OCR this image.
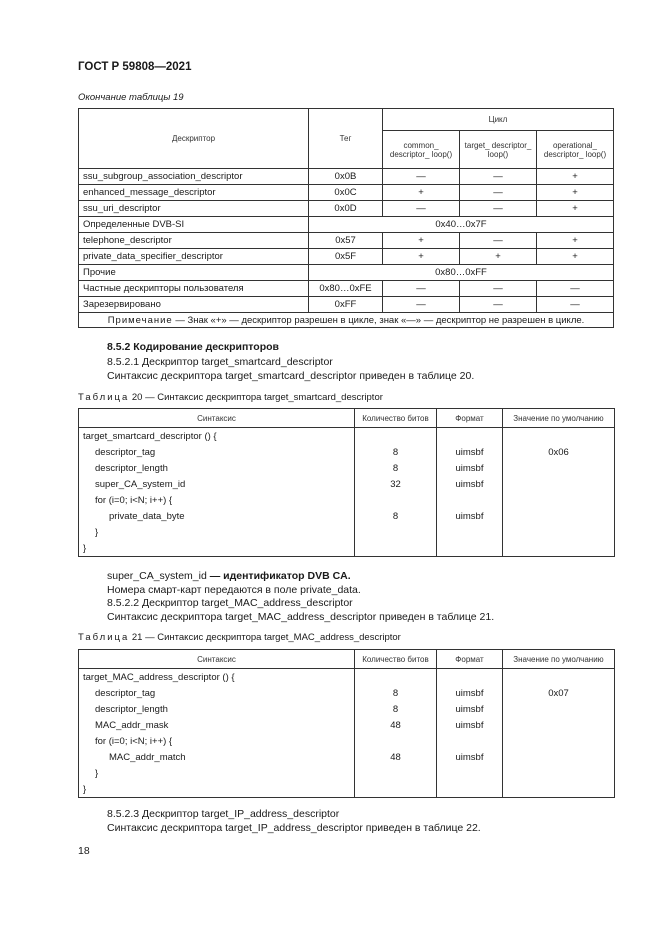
ГОСТ Р 59808—2021
Окончание таблицы 19
Дескриптор	Тег	Цикл		
		common_ descriptor_ loop()	target_ descriptor_ loop()	operational_ descriptor_ loop()
ssu_subgroup_association_descriptor	0x0B	—	—	+
enhanced_message_descriptor	0x0C	+	—	+
ssu_uri_descriptor	0x0D	—	—	+
Определенные DVB-SI	0x40…0x7F			
telephone_descriptor	0x57	+	—	+
private_data_specifier_descriptor	0x5F	+	+	+
Прочие	0x80…0xFF			
Частные дескрипторы пользователя	0x80…0xFE	—	—	—
Зарезервировано	0xFF	—	—	—
Примечание — Знак «+» — дескриптор разрешен в цикле, знак «—» — дескриптор не разрешен в цикле.				
8.5.2 Кодирование дескрипторов
8.5.2.1 Дескриптор target_smartcard_descriptor
Синтаксис дескриптора target_smartcard_descriptor приведен в таблице 20.
Таблица 20 — Синтаксис дескриптора target_smartcard_descriptor
Синтаксис	Количество битов	Формат	Значение по умолчанию
target_smartcard_descriptor () {			
descriptor_tag	8	uimsbf	0x06
descriptor_length	8	uimsbf	
super_CA_system_id	32	uimsbf	
for (i=0; i<N; i++) {			
private_data_byte	8	uimsbf	
}			
}			
super_CA_system_id — идентификатор DVB CA.
Номера смарт-карт передаются в поле private_data.
8.5.2.2 Дескриптор target_MAC_address_descriptor
Синтаксис дескриптора target_MAC_address_descriptor приведен в таблице 21.
Таблица 21 — Синтаксис дескриптора target_MAC_address_descriptor
Синтаксис	Количество битов	Формат	Значение по умолчанию
target_MAC_address_descriptor () {			
descriptor_tag	8	uimsbf	0x07
descriptor_length	8	uimsbf	
MAC_addr_mask	48	uimsbf	
for (i=0; i<N; i++) {			
MAC_addr_match	48	uimsbf	
}			
}			
8.5.2.3 Дескриптор target_IP_address_descriptor
Синтаксис дескриптора target_IP_address_descriptor приведен в таблице 22.
18
